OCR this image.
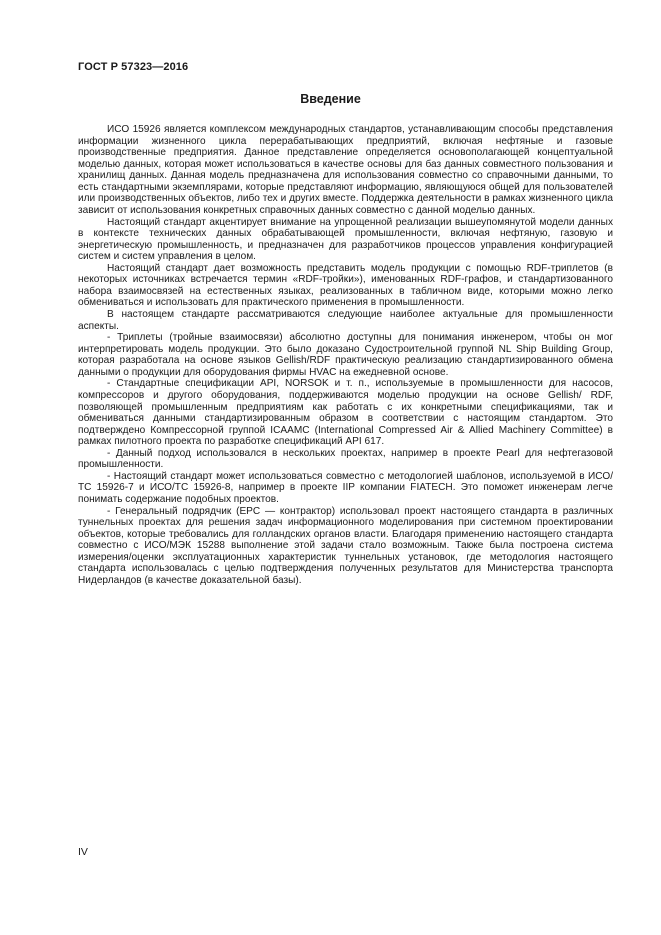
ГОСТ Р 57323—2016
Введение

ИСО 15926 является комплексом международных стандартов, устанавливающим способы представления информации жизненного цикла перерабатывающих предприятий, включая нефтяные и газовые производственные предприятия. Данное представление определяется основополагающей концептуальной моделью данных, которая может использоваться в качестве основы для баз данных совместного пользования и хранилищ данных. Данная модель предназначена для использования совместно со справочными данными, то есть стандартными экземплярами, которые представляют информацию, являющуюся общей для пользователей или производственных объектов, либо тех и других вместе. Поддержка деятельности в рамках жизненного цикла зависит от использования конкретных справочных данных совместно с данной моделью данных.

Настоящий стандарт акцентирует внимание на упрощенной реализации вышеупомянутой модели данных в контексте технических данных обрабатывающей промышленности, включая нефтяную, газовую и энергетическую промышленность, и предназначен для разработчиков процессов управления конфигурацией систем и систем управления в целом.

Настоящий стандарт дает возможность представить модель продукции с помощью RDF-триплетов (в некоторых источниках встречается термин «RDF-тройки»), именованных RDF-графов, и стандартизованного набора взаимосвязей на естественных языках, реализованных в табличном виде, которыми можно легко обмениваться и использовать для практического применения в промышленности.

В настоящем стандарте рассматриваются следующие наиболее актуальные для промышленности аспекты.

- Триплеты (тройные взаимосвязи) абсолютно доступны для понимания инженером, чтобы он мог интерпретировать модель продукции. Это было доказано Судостроительной группой NL Ship Building Group, которая разработала на основе языков Gellish/RDF практическую реализацию стандартизированного обмена данными о продукции для оборудования фирмы HVAC на ежедневной основе.

- Стандартные спецификации API, NORSOK и т. п., используемые в промышленности для насосов, компрессоров и другого оборудования, поддерживаются моделью продукции на основе Gellish/ RDF, позволяющей промышленным предприятиям как работать с их конкретными спецификациями, так и обмениваться данными стандартизированным образом в соответствии с настоящим стандартом. Это подтверждено Компрессорной группой ICAAMC (International Compressed Air & Allied Machinery Committee) в рамках пилотного проекта по разработке спецификаций API 617.

- Данный подход использовался в нескольких проектах, например в проекте Pearl для нефтегазовой промышленности.

- Настоящий стандарт может использоваться совместно с методологией шаблонов, используемой в ИСО/ТС 15926-7 и ИСО/ТС 15926-8, например в проекте IIP компании FIATECH. Это поможет инженерам легче понимать содержание подобных проектов.

- Генеральный подрядчик (EPC — контрактор) использовал проект настоящего стандарта в различных туннельных проектах для решения задач информационного моделирования при системном проектировании объектов, которые требовались для голландских органов власти. Благодаря применению настоящего стандарта совместно с ИСО/МЭК 15288 выполнение этой задачи стало возможным. Также была построена система измерения/оценки эксплуатационных характеристик туннельных установок, где методология настоящего стандарта использовалась с целью подтверждения полученных результатов для Министерства транспорта Нидерландов (в качестве доказательной базы).

IV
